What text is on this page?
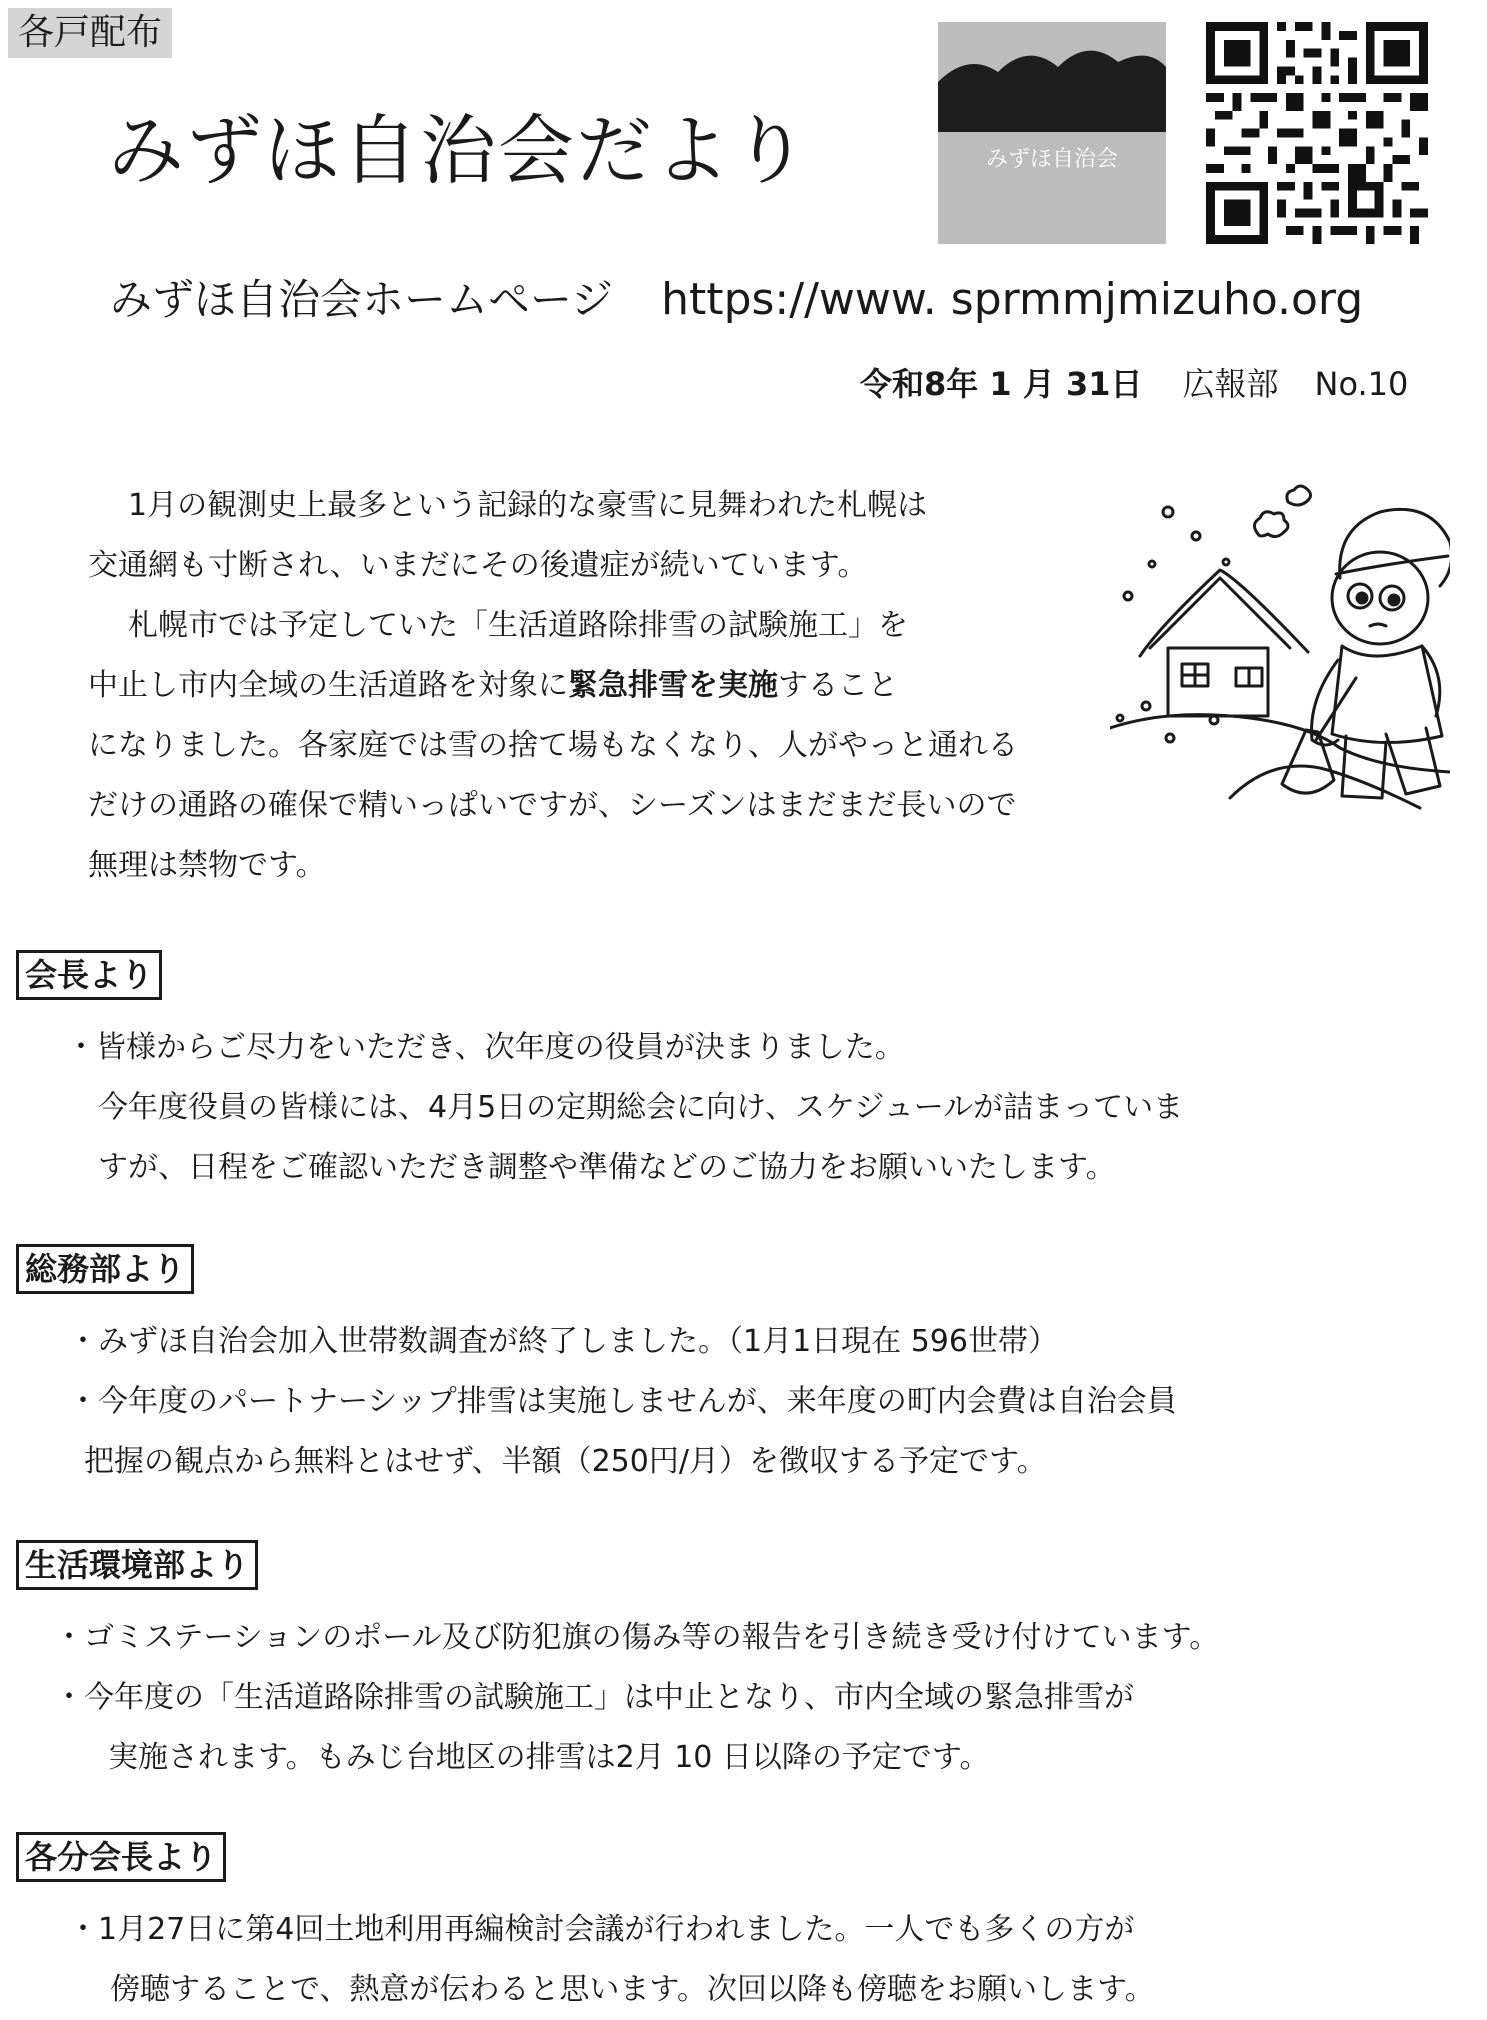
各戸配布
みずほ自治会だより	みずほ自治会
みずほ自治会ホームページ https://www. sprmmjmizuho.org
令和8年 1 月 31日 広報部 No.10

1月の観測史上最多という記録的な豪雪に見舞われた札幌は

交通網も寸断され、いまだにその後遺症が続いています。

札幌市では予定していた「生活道路除排雪の試験施工」を

中止し市内全域の生活道路を対象に緊急排雪を実施すること

になりました。各家庭では雪の捨て場もなくなり、人がやっと通れる

だけの通路の確保で精いっぱいですが、シーズンはまだまだ長いので

無理は禁物です。

会長より

・皆様からご尽力をいただき、次年度の役員が決まりました。

今年度役員の皆様には、4月5日の定期総会に向け、スケジュールが詰まっていま

すが、日程をご確認いただき調整や準備などのご協力をお願いいたします。

総務部より

・みずほ自治会加入世帯数調査が終了しました。（1月1日現在 596世帯）

・今年度のパートナーシップ排雪は実施しませんが、来年度の町内会費は自治会員

把握の観点から無料とはせず、半額（250円/月）を徴収する予定です。

生活環境部より

・ゴミステーションのポール及び防犯旗の傷み等の報告を引き続き受け付けています。

・今年度の「生活道路除排雪の試験施工」は中止となり、市内全域の緊急排雪が

実施されます。もみじ台地区の排雪は2月 10 日以降の予定です。

各分会長より

・1月27日に第4回土地利用再編検討会議が行われました。一人でも多くの方が

傍聴することで、熱意が伝わると思います。次回以降も傍聴をお願いします。
